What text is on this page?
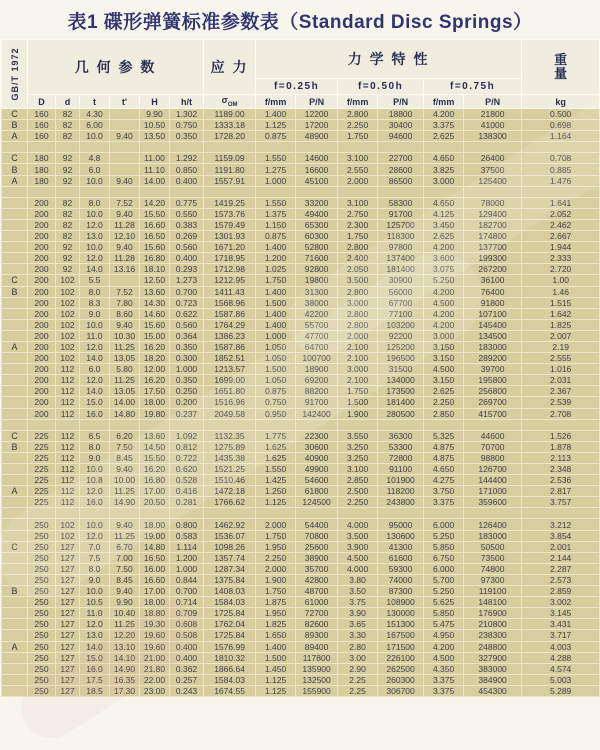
表1 碟形弹簧标准参数表（Standard Disc Springs）
GB/T 1972	几 何 参 数						应 力	力 学 特 性						重
量

								f=0.25h		f=0.50h		f=0.75h		
	D	d	t	t'	H	h/t	$\sigma_{OM}$	f/mm	P/N	f/mm	P/N	f/mm	P/N	kg
C	160	82	4.30		9.90	1.302	1189.00	1.400	12200	2.800	18800	4.200	21800	0.500
B	160	82	6.00		10.50	0.750	1333.18	1.125	17200	2.250	30400	3.375	41000	0.698
A	160	82	10.0	9.40	13.50	0.350	1728.20	0.875	48900	1.750	94600	2.625	138300	1.164

C	180	92	4.8		11.00	1.292	1159.09	1.550	14600	3.100	22700	4.650	26400	0.708
B	180	92	6.0		11.10	0.850	1191.80	1.275	16600	2.550	28600	3.825	37500	0.885
A	180	92	10.0	9.40	14.00	0.400	1557.91	1.000	45100	2.000	86500	3.000	125400	1.476

	200	82	8.0	7.52	14.20	0.775	1419.25	1.550	33200	3.100	58300	4.650	78000	1.641
	200	82	10.0	9.40	15.50	0.550	1573.76	1.375	49400	2.750	91700	4.125	129400	2.052
	200	82	12.0	11.28	16.60	0.383	1579.49	1.150	65300	2.300	125700	3.450	182700	2.462
	200	82	13.0	12.10	16.50	0.269	1301.93	0.875	60300	1.750	118300	2.625	174800	2.667
	200	92	10.0	9.40	15.60	0.560	1671.20	1.400	52800	2.800	97800	4.200	137700	1.944
	200	92	12.0	11.28	16.80	0.400	1718.95	1.200	71600	2.400	137400	3.600	199300	2.333
	200	92	14.0	13.16	18.10	0.293	1712.98	1.025	92800	2.050	181400	3.075	267200	2.720
C	200	102	5.5		12.50	1.273	1212.95	1.750	19800	3.500	30900	5.250	36100	1.00
B	200	102	8.0	7.52	13.60	0.700	1411.43	1.400	31300	2.800	56000	4.200	76400	1.46
	200	102	8.3	7.80	14.30	0.723	1568.96	1.500	38000	3.000	67700	4.500	91800	1.515
	200	102	9.0	8.60	14.60	0.622	1587.86	1.400	42200	2.800	77100	4.200	107100	1.642
	200	102	10.0	9.40	15.60	0.560	1764.29	1.400	55700	2.800	103200	4.200	145400	1.825
	200	102	11.0	10.30	15.00	0.364	1386.23	1.000	47700	2.000	92200	3.000	134500	2.007
A	200	102	12.0	11.25	16.20	0.350	1587.86	1.050	64700	2.100	125200	3.150	183000	2.19
	200	102	14.0	13.05	18.20	0.300	1852.51	1.050	100700	2.100	196500	3.150	289200	2.555
	200	112	6.0	5.80	12.00	1.000	1213.57	1.500	18900	3.000	31500	4.500	39700	1.016
	200	112	12.0	11.25	16.20	0.350	1699.00	1.050	69200	2.100	134000	3.150	195800	2.031
	200	112	14.0	13.05	17.50	0.250	1651.80	0.875	88200	1.750	173500	2.625	256800	2.367
	200	112	15.0	14.00	18.00	0.200	1516.96	0.750	91700	1.500	181400	2.250	269700	2.539
	200	112	16.0	14.80	19.80	0.237	2049.58	0.950	142400	1.900	280500	2.850	415700	2.708

C	225	112	6.5	6.20	13.60	1.092	1132.35	1.775	22300	3.550	36300	5.325	44600	1.526
B	225	112	8.0	7.50	14.50	0.812	1275.89	1.625	30600	3.250	53300	4.875	70700	1.878
	225	112	9.0	8.45	15.50	0.722	1435.38	1.625	40900	3.250	72800	4.875	98800	2.113
	225	112	10.0	9.40	16.20	0.620	1521.25	1.550	49900	3.100	91100	4.650	126700	2.348
	225	112	10.8	10.00	16.80	0.528	1510.46	1.425	54600	2.850	101900	4.275	144400	2.536
A	225	112	12.0	11.25	17.00	0.416	1472.18	1.250	61800	2.500	118200	3.750	171000	2.817
	225	112	16.0	14.90	20.50	0.281	1766.62	1.125	124500	2.250	243800	3.375	359600	3.757

	250	102	10.0	9.40	18.00	0.800	1462.92	2.000	54400	4.000	95000	6.000	126400	3.212
	250	102	12.0	11.25	19.00	0.583	1536.07	1.750	70800	3.500	130600	5.250	183000	3.854
C	250	127	7.0	6.70	14.80	1.114	1098.26	1.950	25600	3.900	41300	5.850	50500	2.001
	250	127	7.5	7.00	16.50	1.200	1357.74	2.250	38900	4.500	61600	6.750	73500	2.144
	250	127	8.0	7.50	16.00	1.000	1287.34	2.000	35700	4.000	59300	6.000	74800	2.287
	250	127	9.0	8.45	16.60	0.844	1375.84	1.900	42800	3.80	74000	5.700	97300	2.573
B	250	127	10.0	9.40	17.00	0.700	1408.03	1.750	48700	3.50	87300	5.250	119100	2.859
	250	127	10.5	9.90	18.00	0.714	1584.03	1.875	61000	3.75	108900	5.625	148100	3.002
	250	127	11.0	10.40	18.80	0.709	1725.84	1.950	72700	3.90	130000	5.850	176900	3.145
	250	127	12.0	11.25	19.30	0.608	1762.04	1.825	82600	3.65	151300	5.475	210800	3.431
	250	127	13.0	12.20	19.60	0.508	1725.84	1.650	89300	3.30	167500	4.950	238300	3.717
A	250	127	14.0	13.10	19.60	0.400	1576.99	1.400	89400	2.80	171500	4.200	248800	4.003
	250	127	15.0	14.10	21.00	0.400	1810.32	1.500	117800	3.00	226100	4.500	327900	4.288
	250	127	16.0	14.90	21.80	0.362	1866.64	1.450	135900	2.90	262500	4.350	383000	4.574
	250	127	17.5	16.35	22.00	0.257	1584.03	1.125	132500	2.25	260300	3.375	384900	5.003
	250	127	18.5	17.30	23.00	0.243	1674.55	1.125	155900	2.25	306700	3.375	454300	5.289
